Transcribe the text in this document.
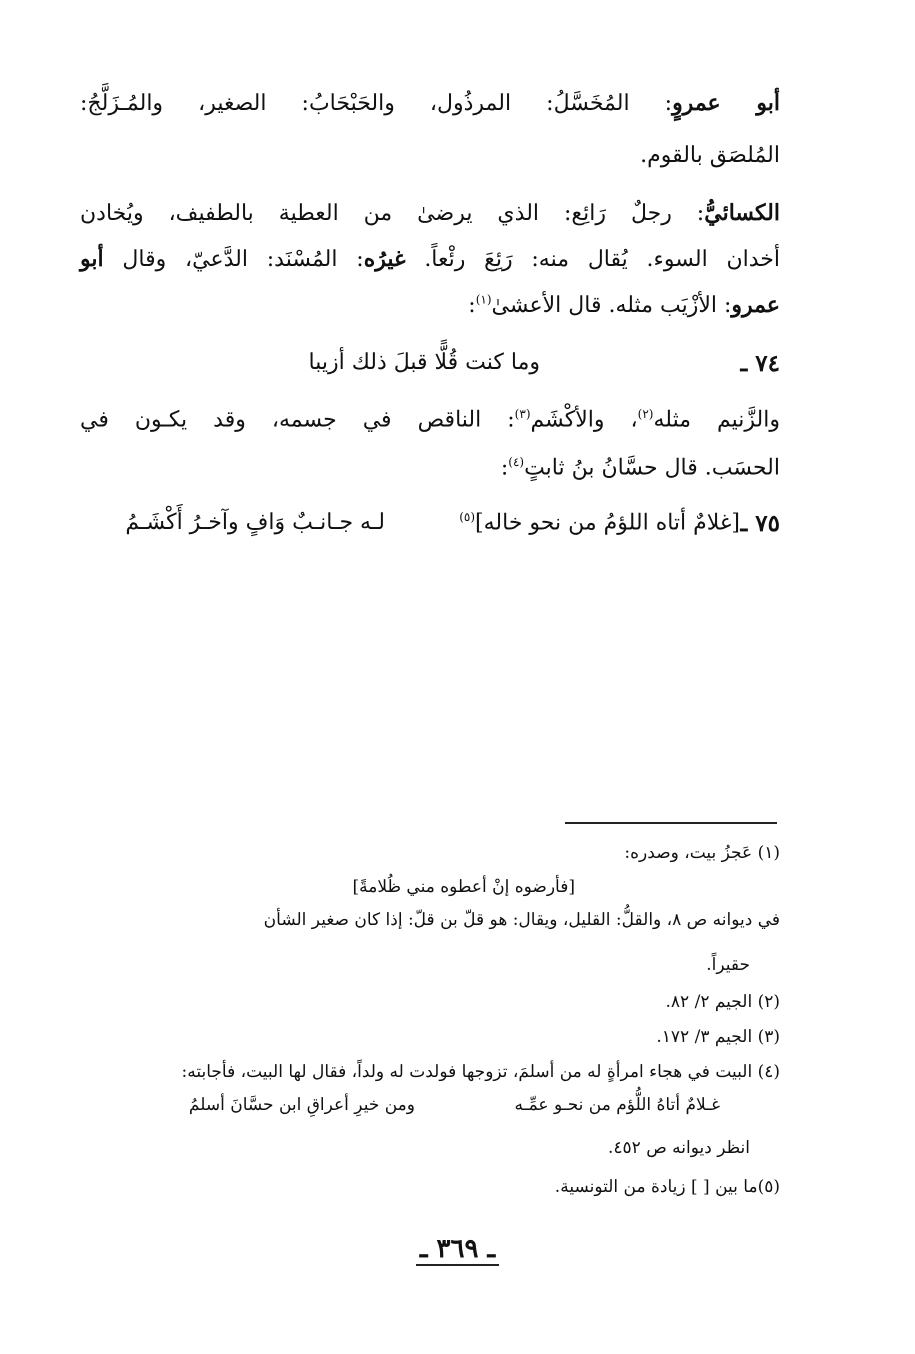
أبو عمروٍ: المُخَسَّلُ: المرذُول، والحَبْحَابُ: الصغير، والمُـزَلَّجُ:
المُلصَق بالقوم.
الكسائيُّ: رجلٌ رَائِع: الذي يرضىٰ من العطية بالطفيف، ويُخادن
أخدان السوء. يُقال منه: رَئِعَ رئْعاً. غيرُه: المُسْنَد: الدَّعيّ، وقال أبو
عمرو: الأزْيَب مثله. قال الأعشىٰ$^{(١)}$:
٧٤ ـ
وما كنت قُلًّا قبلَ ذلك أزيبا
والزَّنيم مثله$^{(٢)}$، والأكْشَم$^{(٣)}$: الناقص في جسمه، وقد يكـون في
الحسَب. قال حسَّانُ بنُ ثابتٍ$^{(٤)}$:
٧٥ ـ
[غلامٌ أتاه اللؤمُ من نحو خاله]$^{(٥)}$
لـه جـانـبٌ وَافٍ وآخـرُ أَكْشَـمُ
(١) عَجزُ بيت، وصدره:
[فأرضوه إنْ أعطوه مني ظُلامةً]
في ديوانه ص ٨، والقلُّ: القليل، ويقال: هو قلّ بن قلّ: إذا كان صغير الشأن
حقيراً.
(٢) الجيم ٢/ ٨٢.
(٣) الجيم ٣/ ١٧٢.
(٤) البيت في هجاء امرأةٍ له من أسلمَ، تزوجها فولدت له ولداً، فقال لها البيت، فأجابته:
غـلامٌ أتاهُ اللُّؤم من نحـو عمِّـه
ومن خيرِ أعراقِ ابن حسَّانَ أسلمُ
انظر ديوانه ص ٤٥٢.
(٥)ما بين [ ] زيادة من التونسية.
ـ ٣٦٩ ـ
